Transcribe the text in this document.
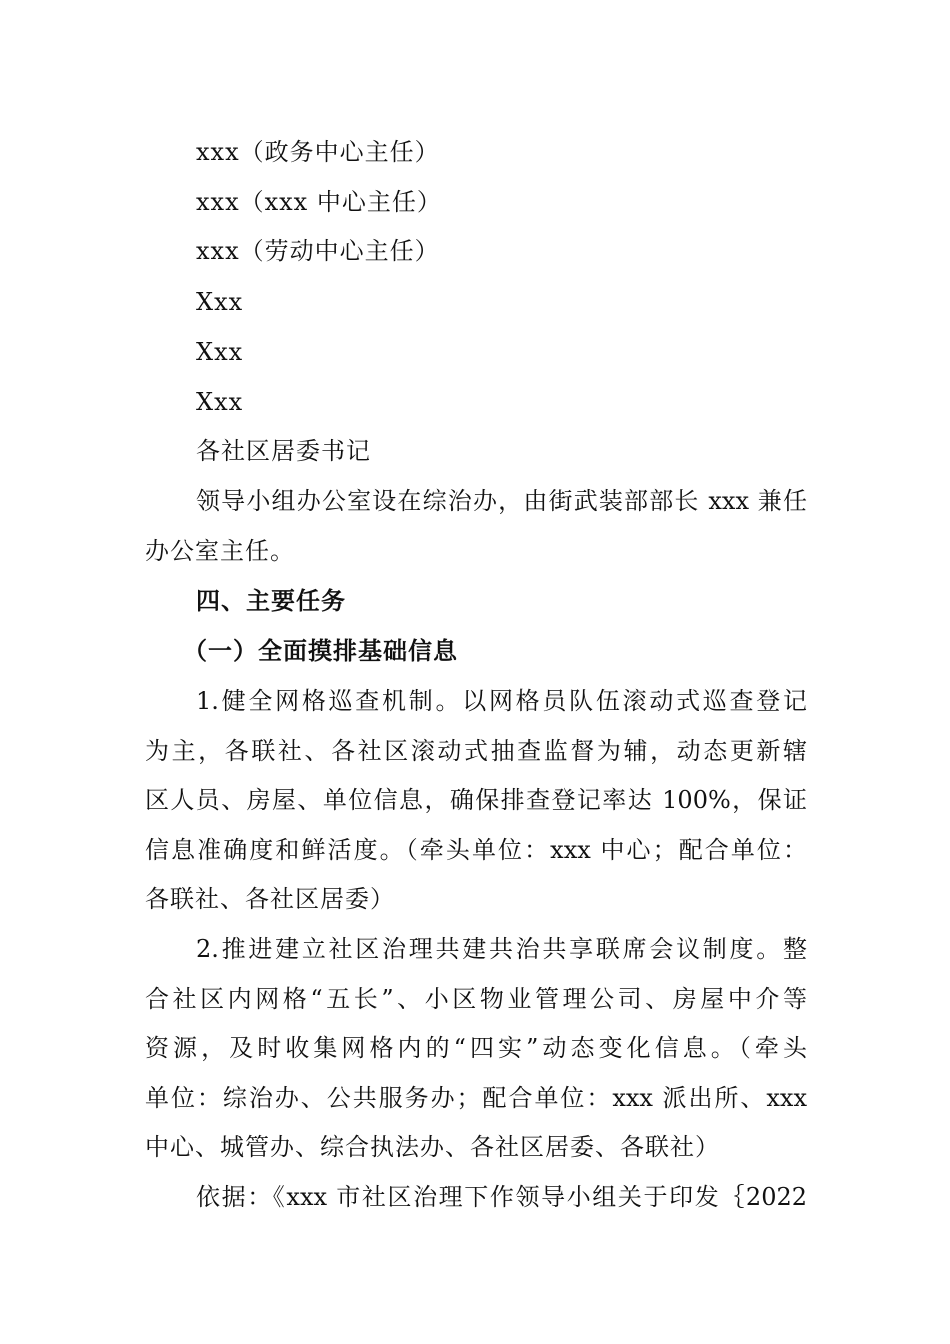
xxx（政务中心主任）
xxx（xxx 中心主任）
xxx（劳动中心主任）
Xxx
Xxx
Xxx
各社区居委书记
领导小组办公室设在综治办，由街武装部部长 xxx 兼任
办公室主任。
四、主要任务
（一）全面摸排基础信息
1.健全网格巡查机制。以网格员队伍滚动式巡查登记
为主，各联社、各社区滚动式抽查监督为辅，动态更新辖
区人员、房屋、单位信息，确保排查登记率达 100%，保证
信息准确度和鲜活度。（牵头单位：xxx 中心；配合单位：
各联社、各社区居委）
2.推进建立社区治理共建共治共享联席会议制度。整
合社区内网格“五长”、小区物业管理公司、房屋中介等
资源，及时收集网格内的“四实”动态变化信息。（牵头
单位：综治办、公共服务办；配合单位：xxx 派出所、xxx
中心、城管办、综合执法办、各社区居委、各联社）
依据：《xxx 市社区治理下作领导小组关于印发｛2022
